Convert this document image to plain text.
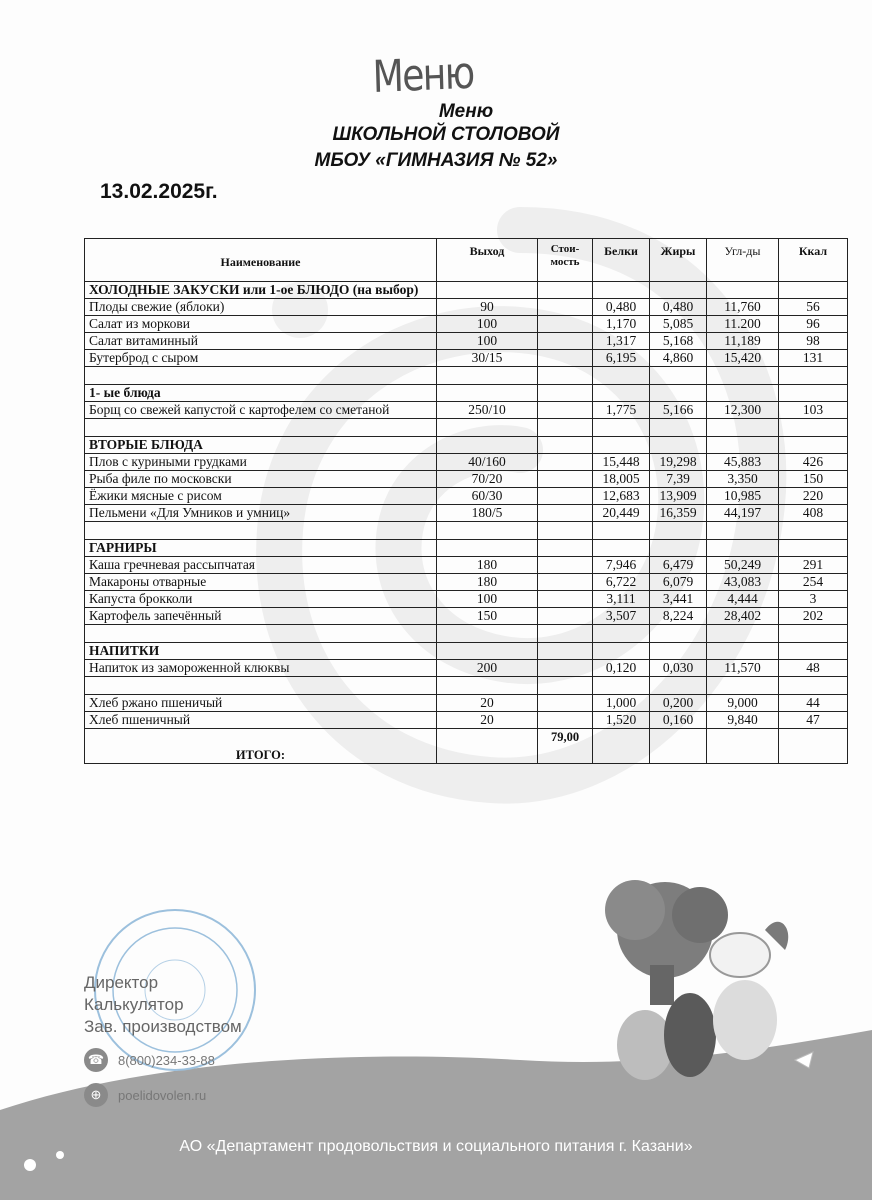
Меню
Меню
ШКОЛЬНОЙ СТОЛОВОЙ
МБОУ «ГИМНАЗИЯ № 52»
13.02.2025г.
Наименование	Выход	Стои-мость	Белки	Жиры	Угл-ды	Ккал
ХОЛОДНЫЕ ЗАКУСКИ или 1-ое БЛЮДО (на выбор)						
Плоды свежие (яблоки)	90		0,480	0,480	11,760	56
Салат из моркови	100		1,170	5,085	11.200	96
Салат витаминный	100		1,317	5,168	11,189	98
Бутерброд с сыром	30/15		6,195	4,860	15,420	131

1- ые блюда						
Борщ со свежей капустой с картофелем со сметаной	250/10		1,775	5,166	12,300	103

ВТОРЫЕ БЛЮДА						
Плов с куриными грудками	40/160		15,448	19,298	45,883	426
Рыба филе по московски	70/20		18,005	7,39	3,350	150
Ёжики мясные с рисом	60/30		12,683	13,909	10,985	220
Пельмени «Для Умников и умниц»	180/5		20,449	16,359	44,197	408

ГАРНИРЫ						
Каша гречневая рассыпчатая	180		7,946	6,479	50,249	291
Макароны отварные	180		6,722	6,079	43,083	254
Капуста брокколи	100		3,111	3,441	4,444	3
Картофель запечённый	150		3,507	8,224	28,402	202

НАПИТКИ						
Напиток из замороженной клюквы	200		0,120	0,030	11,570	48

Хлеб ржано пшеничый	20		1,000	0,200	9,000	44
Хлеб пшеничный	20		1,520	0,160	9,840	47
ИТОГО:		79,00				
Директор
Калькулятор
Зав. производством
☎	8(800)234-33-88
⊕	poelidovolen.ru
АО «Департамент продовольствия и социального питания г. Казани»
